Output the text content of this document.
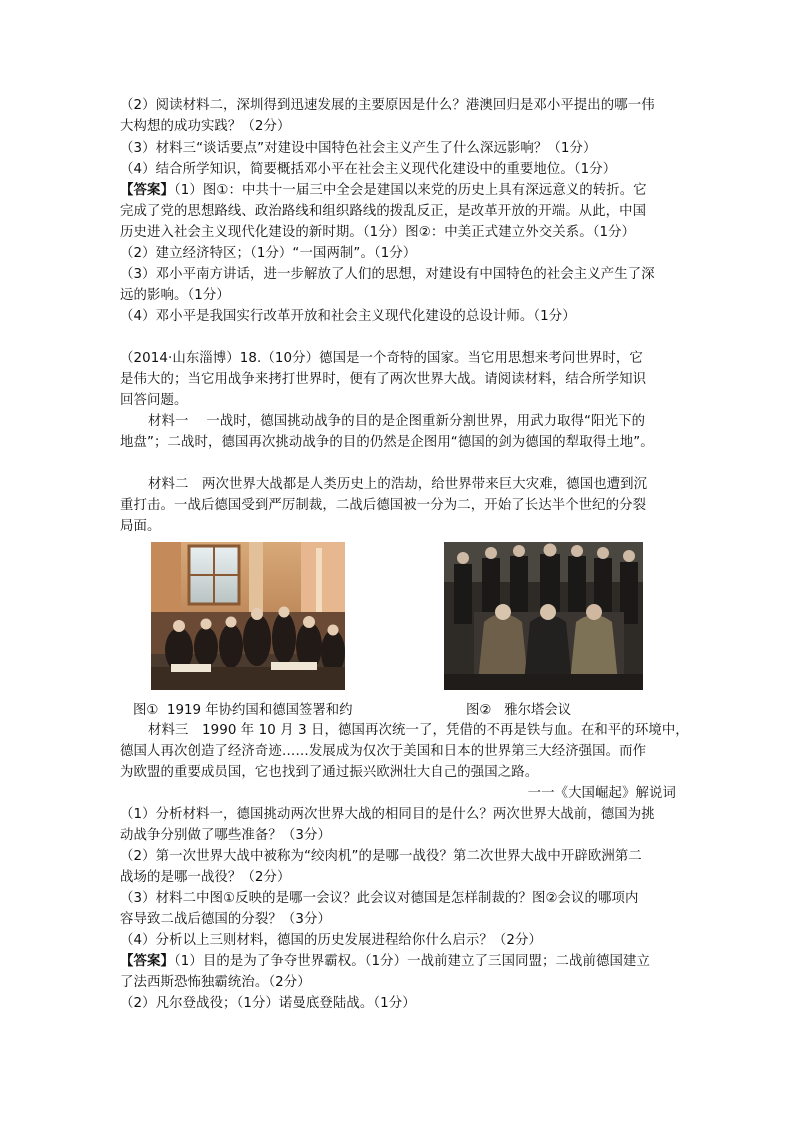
（2）阅读材料二，深圳得到迅速发展的主要原因是什么？港澳回归是邓小平提出的哪一伟
大构想的成功实践？（2分）
（3）材料三“谈话要点”对建设中国特色社会主义产生了什么深远影响？（1分）
（4）结合所学知识，简要概括邓小平在社会主义现代化建设中的重要地位。（1分）
【答案】（1）图①：中共十一届三中全会是建国以来党的历史上具有深远意义的转折。它
完成了党的思想路线、政治路线和组织路线的拨乱反正，是改革开放的开端。从此，中国
历史进入社会主义现代化建设的新时期。（1分）图②：中美正式建立外交关系。（1分）
（2）建立经济特区；（1分）“一国两制”。（1分）
（3）邓小平南方讲话，进一步解放了人们的思想，对建设有中国特色的社会主义产生了深
远的影响。（1分）
（4）邓小平是我国实行改革开放和社会主义现代化建设的总设计师。（1分）
（2014·山东淄博）18.（10分）德国是一个奇特的国家。当它用思想来考问世界时，它
是伟大的；当它用战争来拷打世界时，便有了两次世界大战。请阅读材料，结合所学知识
回答问题。
材料一　 一战时，德国挑动战争的目的是企图重新分割世界，用武力取得“阳光下的
地盘”；二战时，德国再次挑动战争的目的仍然是企图用“德国的剑为德国的犁取得土地”。
材料二　两次世界大战都是人类历史上的浩劫，给世界带来巨大灾难，德国也遭到沉
重打击。一战后德国受到严厉制裁，二战后德国被一分为二，开始了长达半个世纪的分裂
局面。
图① 1919 年协约国和德国签署和约	图② 雅尔塔会议
材料三　1990 年 10 月 3 日，德国再次统一了，凭借的不再是铁与血。在和平的环境中，
德国人再次创造了经济奇迹……发展成为仅次于美国和日本的世界第三大经济强国。而作
为欧盟的重要成员国，它也找到了通过振兴欧洲壮大自己的强国之路。
一一《大国崛起》解说词
（1）分析材料一，德国挑动两次世界大战的相同目的是什么？两次世界大战前，德国为挑
动战争分别做了哪些准备？（3分）
（2）第一次世界大战中被称为“绞肉机”的是哪一战役？第二次世界大战中开辟欧洲第二
战场的是哪一战役？（2分）
（3）材料二中图①反映的是哪一会议？此会议对德国是怎样制裁的？图②会议的哪项内
容导致二战后德国的分裂？（3分）
（4）分析以上三则材料，德国的历史发展进程给你什么启示？（2分）
【答案】（1）目的是为了争夺世界霸权。（1分）一战前建立了三国同盟；二战前德国建立
了法西斯恐怖独霸统治。（2分）
（2）凡尔登战役；（1分）诺曼底登陆战。（1分）
